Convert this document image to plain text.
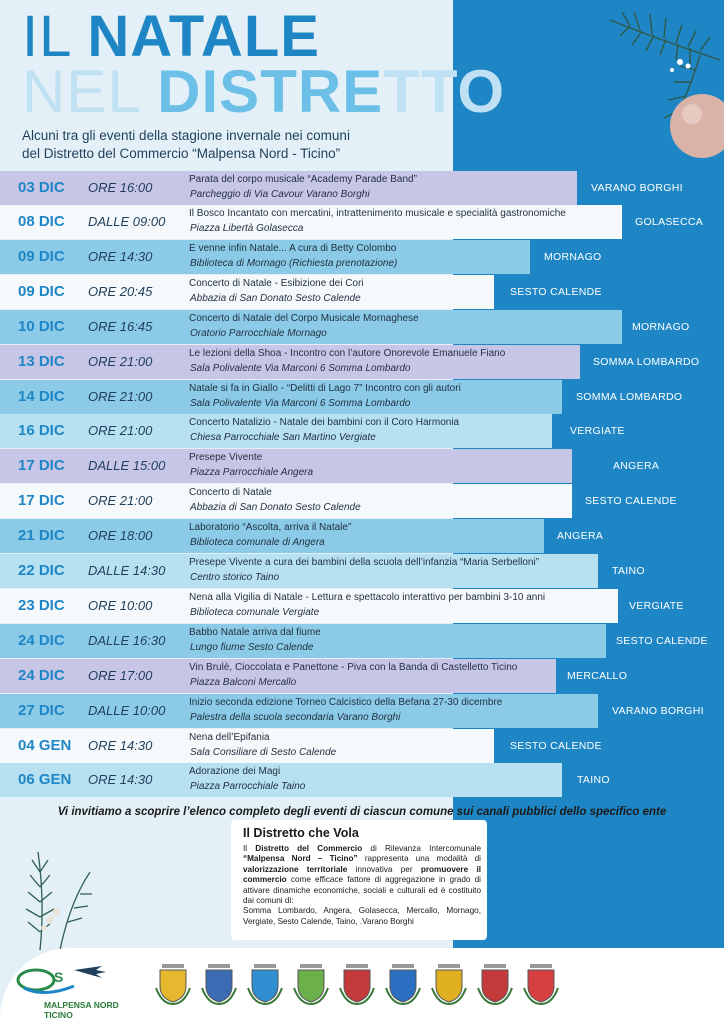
IL NATALE
NEL DISTRETTO
Alcuni tra gli eventi della stagione invernale nei comuni
del Distretto del Commercio “Malpensa Nord - Ticino”
03 DIC ORE 16:00
Parata del corpo musicale “Academy Parade Band”
Parcheggio di Via Cavour Varano Borghi
VARANO BORGHI
08 DIC DALLE 09:00
Il Bosco Incantato con mercatini, intrattenimento musicale e specialità gastronomiche
Piazza Libertà Golasecca
GOLASECCA
09 DIC ORE 14:30
E venne infin Natale... A cura di Betty Colombo
Biblioteca di Mornago (Richiesta prenotazione)
MORNAGO
09 DIC ORE 20:45
Concerto di Natale - Esibizione dei Cori
Abbazia di San Donato Sesto Calende
SESTO CALENDE
10 DIC ORE 16:45
Concerto di Natale del Corpo Musicale Mornaghese
Oratorio Parrocchiale Mornago
MORNAGO
13 DIC ORE 21:00
Le lezioni della Shoa - Incontro con l’autore Onorevole Emanuele Fiano
Sala Polivalente Via Marconi 6 Somma Lombardo
SOMMA LOMBARDO
14 DIC ORE 21:00
Natale si fa in Giallo - “Delitti di Lago 7” Incontro con gli autori
Sala Polivalente Via Marconi 6 Somma Lombardo
SOMMA LOMBARDO
16 DIC ORE 21:00
Concerto Natalizio - Natale dei bambini con il Coro Harmonia
Chiesa Parrocchiale San Martino Vergiate
VERGIATE
17 DIC DALLE 15:00
Presepe Vivente
Piazza Parrocchiale Angera
ANGERA
17 DIC ORE 21:00
Concerto di Natale
Abbazia di San Donato Sesto Calende
SESTO CALENDE
21 DIC ORE 18:00
Laboratorio “Ascolta, arriva il Natale”
Biblioteca comunale di Angera
ANGERA
22 DIC DALLE 14:30
Presepe Vivente a cura dei bambini della scuola dell’infanzia “Maria Serbelloni”
Centro storico Taino
TAINO
23 DIC ORE 10:00
Nena alla Vigilia di Natale - Lettura e spettacolo interattivo per bambini 3-10 anni
Biblioteca comunale Vergiate
VERGIATE
24 DIC DALLE 16:30
Babbo Natale arriva dal fiume
Lungo fiume Sesto Calende
SESTO CALENDE
24 DIC ORE 17:00
Vin Brulè, Cioccolata e Panettone - Piva con la Banda di Castelletto Ticino
Piazza Balconi Mercallo
MERCALLO
27 DIC DALLE 10:00
Inizio seconda edizione Torneo Calcistico della Befana 27-30 dicembre
Palestra della scuola secondaria Varano Borghi
VARANO BORGHI
04 GEN ORE 14:30
Nena dell’Epifania
Sala Consiliare di Sesto Calende
SESTO CALENDE
06 GEN ORE 14:30
Adorazione dei Magi
Piazza Parrocchiale Taino
TAINO
Vi invitiamo a scoprire l’elenco completo degli eventi di ciascun comune sui canali pubblici dello specifico ente
Il Distretto che Vola
Il Distretto del Commercio di Rilevanza Intercomunale “Malpensa Nord – Ticino” rappresenta una modalità di valorizzazione territoriale innovativa per promuovere il commercio come efficace fattore di aggregazione in grado di attivare dinamiche economiche, sociali e culturali ed è costituito dai comuni di:
Somma Lombardo, Angera, Golasecca, Mercallo, Mornago, Vergiate, Sesto Calende, Taino, .Varano Borghi
S
MALPENSA NORD
TICINO
